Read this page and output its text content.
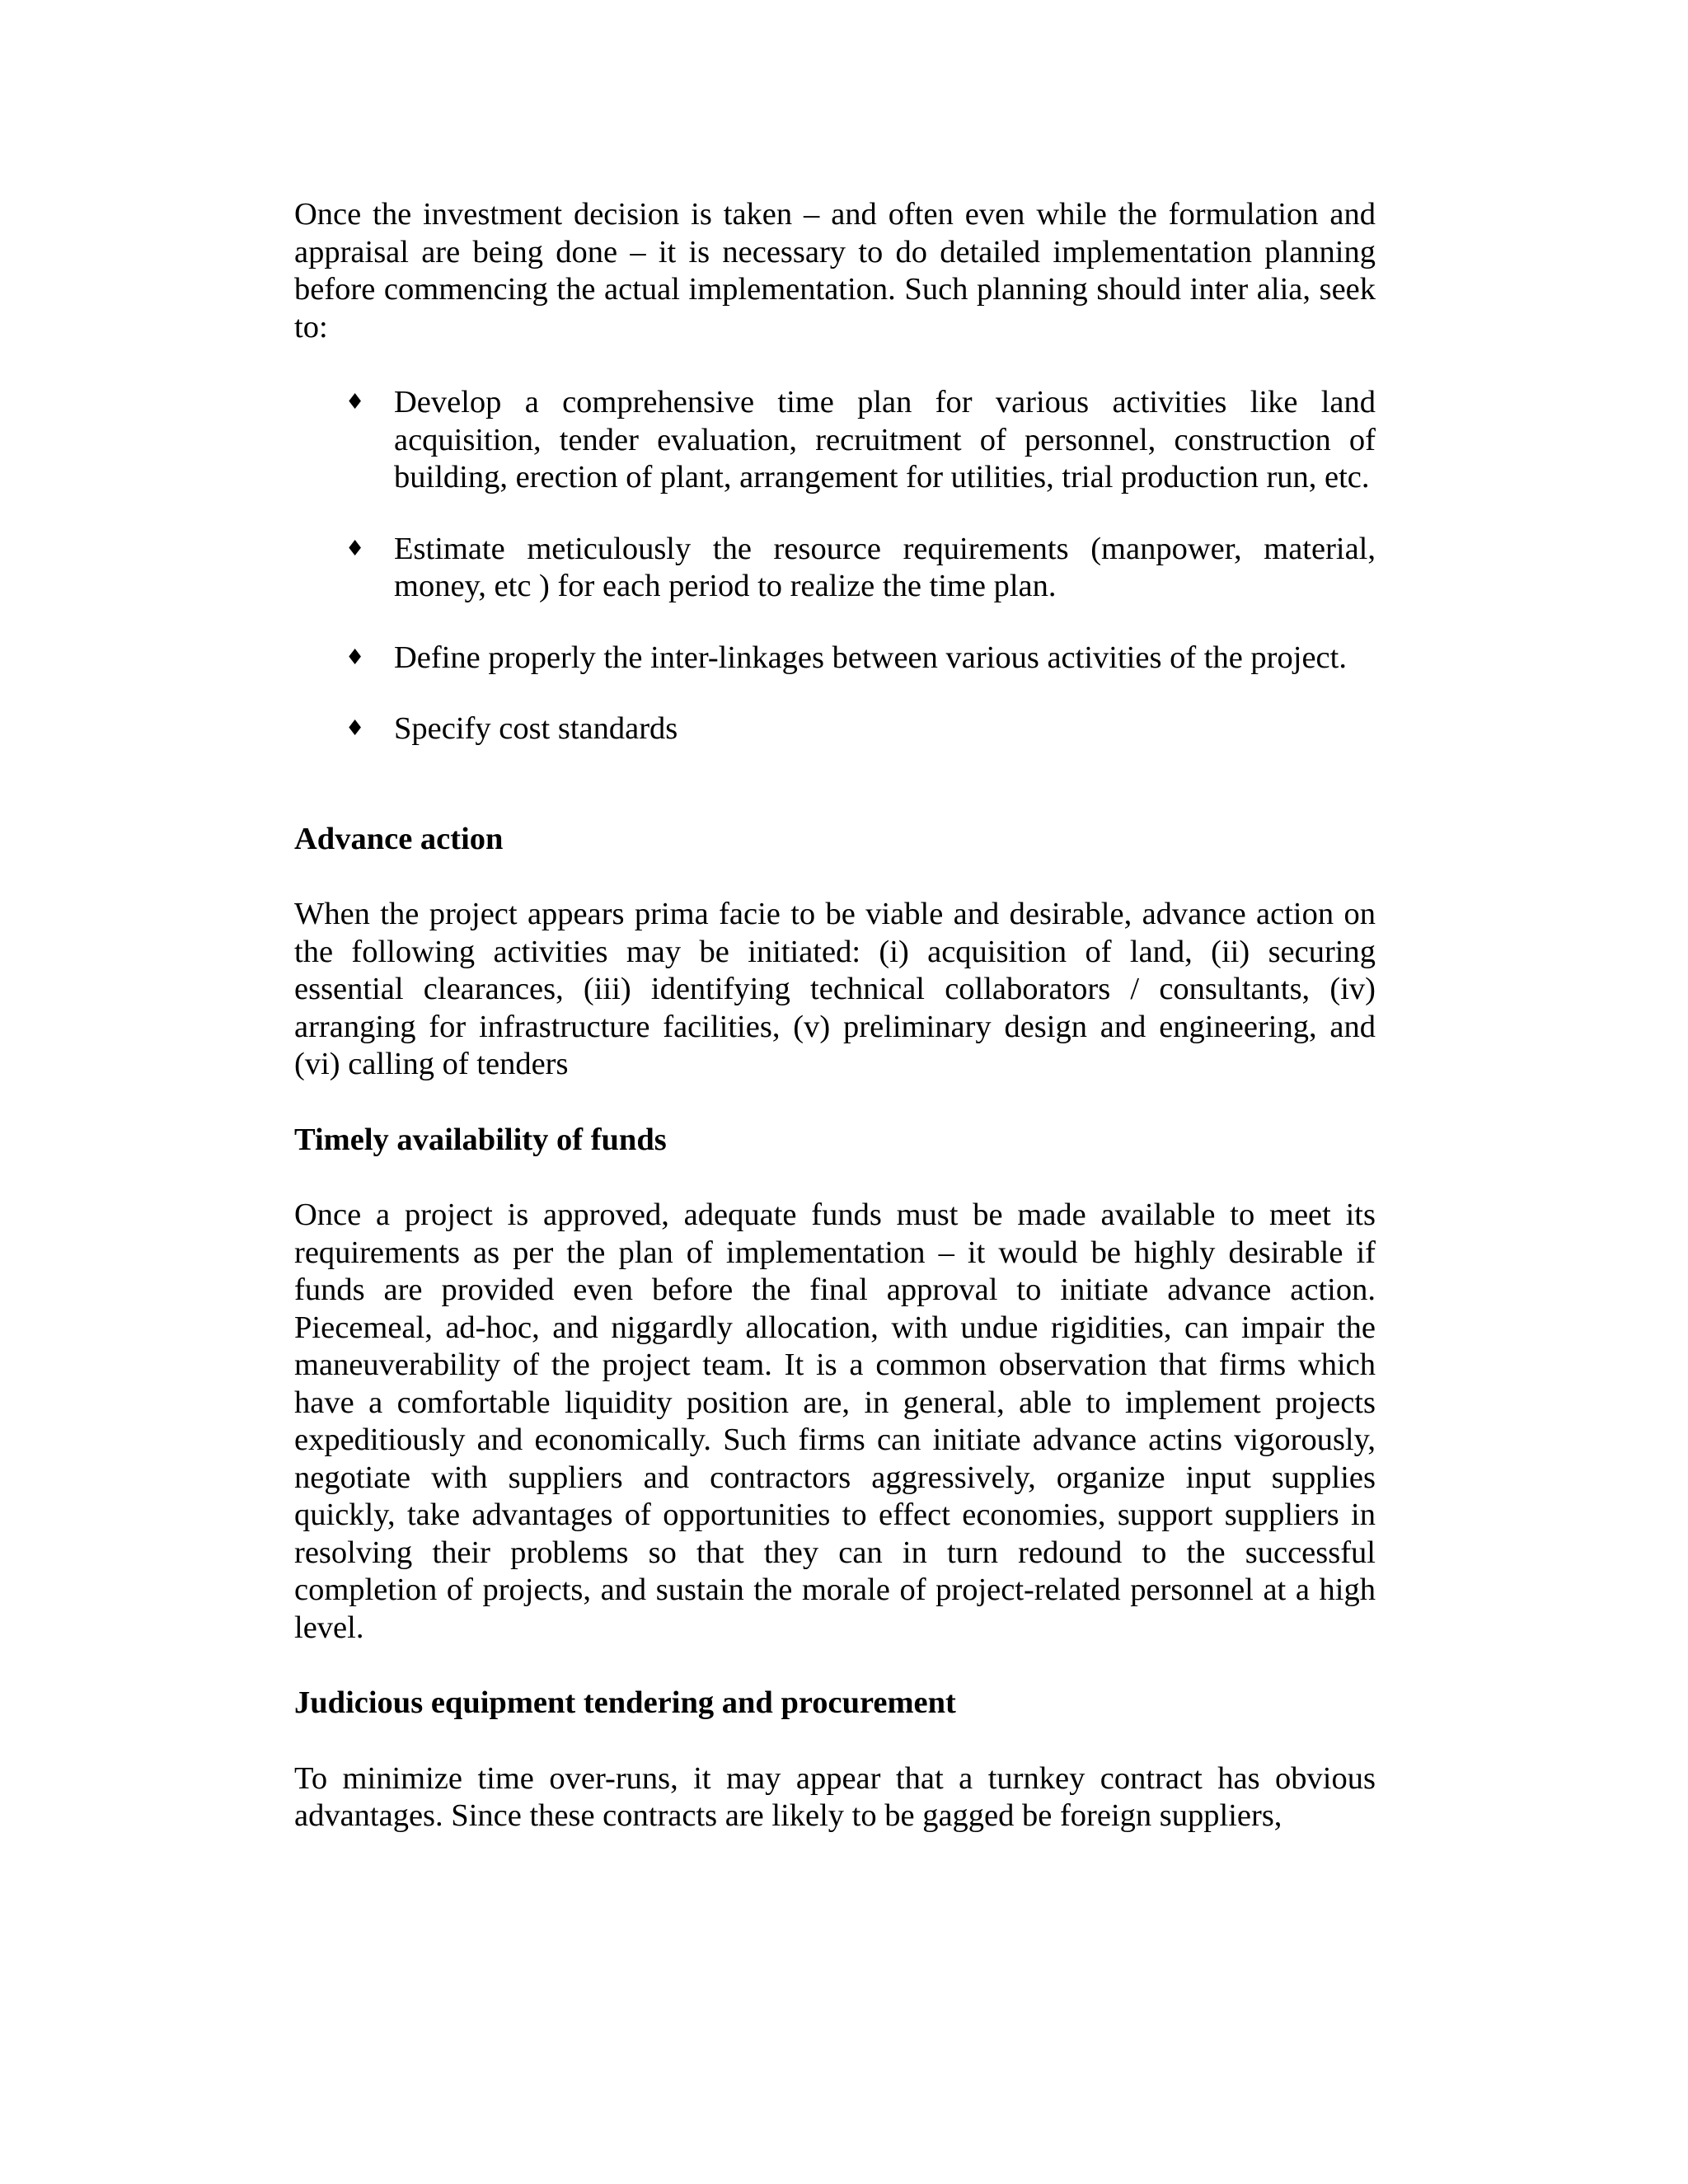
Once the investment decision is taken – and often even while the formulation and appraisal are being done – it is necessary to do detailed implementation planning before commencing the actual implementation. Such planning should inter alia, seek to:

♦ Develop a comprehensive time plan for various activities like land acquisition, tender evaluation, recruitment of personnel, construction of building, erection of plant, arrangement for utilities, trial production run, etc.
♦ Estimate meticulously the resource requirements (manpower, material, money, etc ) for each period to realize the time plan.
♦ Define properly the inter-linkages between various activities of the project.
♦ Specify cost standards
Advance action

When the project appears prima facie to be viable and desirable, advance action on the following activities may be initiated: (i) acquisition of land, (ii) securing essential clearances, (iii) identifying technical collaborators / consultants, (iv) arranging for infrastructure facilities, (v) preliminary design and engineering, and (vi) calling of tenders

Timely availability of funds

Once a project is approved, adequate funds must be made available to meet its requirements as per the plan of implementation – it would be highly desirable if funds are provided even before the final approval to initiate advance action. Piecemeal, ad-hoc, and niggardly allocation, with undue rigidities, can impair the maneuverability of the project team. It is a common observation that firms which have a comfortable liquidity position are, in general, able to implement projects expeditiously and economically. Such firms can initiate advance actins vigorously, negotiate with suppliers and contractors aggressively, organize input supplies quickly, take advantages of opportunities to effect economies, support suppliers in resolving their problems so that they can in turn redound to the successful completion of projects, and sustain the morale of project-related personnel at a high level.

Judicious equipment tendering and procurement

To minimize time over-runs, it may appear that a turnkey contract has obvious advantages. Since these contracts are likely to be gagged be foreign suppliers,
